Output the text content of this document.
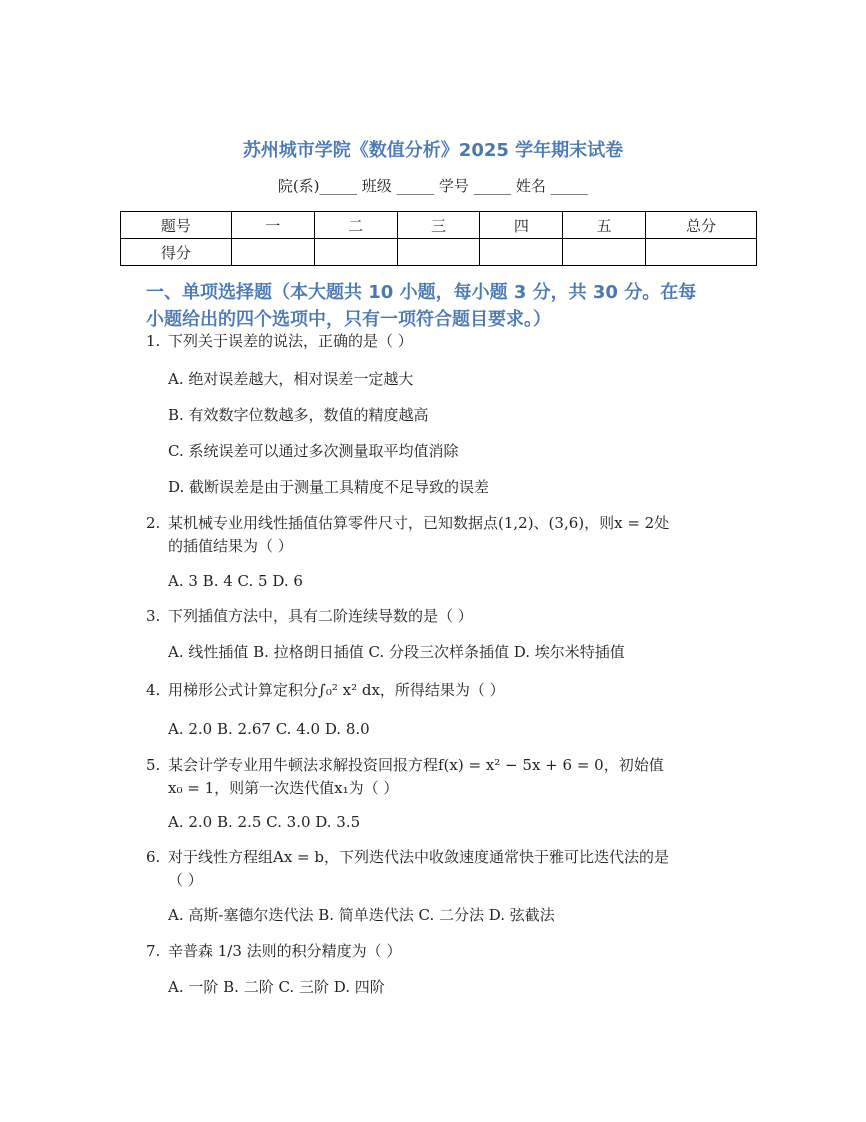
苏州城市学院《数值分析》2025 学年期末试卷
院(系)_____ 班级 _____ 学号 _____ 姓名 _____
题号	一	二	三	四	五	总分
得分						
一、单项选择题（本大题共 10 小题，每小题 3 分，共 30 分。在每
小题给出的四个选项中，只有一项符合题目要求。）
1. 下列关于误差的说法，正确的是（ ）
A. 绝对误差越大，相对误差一定越大
B. 有效数字位数越多，数值的精度越高
C. 系统误差可以通过多次测量取平均值消除
D. 截断误差是由于测量工具精度不足导致的误差
2. 某机械专业用线性插值估算零件尺寸，已知数据点(1,2)、(3,6)，则x = 2处
的插值结果为（ ）
A. 3 B. 4 C. 5 D. 6
3. 下列插值方法中，具有二阶连续导数的是（ ）
A. 线性插值 B. 拉格朗日插值 C. 分段三次样条插值 D. 埃尔米特插值
4. 用梯形公式计算定积分∫₀² x² dx，所得结果为（ ）
A. 2.0 B. 2.67 C. 4.0 D. 8.0
5. 某会计学专业用牛顿法求解投资回报方程f(x) = x² − 5x + 6 = 0，初始值
x₀ = 1，则第一次迭代值x₁为（ ）
A. 2.0 B. 2.5 C. 3.0 D. 3.5
6. 对于线性方程组Ax = b，下列迭代法中收敛速度通常快于雅可比迭代法的是
（ ）
A. 高斯-塞德尔迭代法 B. 简单迭代法 C. 二分法 D. 弦截法
7. 辛普森 1/3 法则的积分精度为（ ）
A. 一阶 B. 二阶 C. 三阶 D. 四阶
